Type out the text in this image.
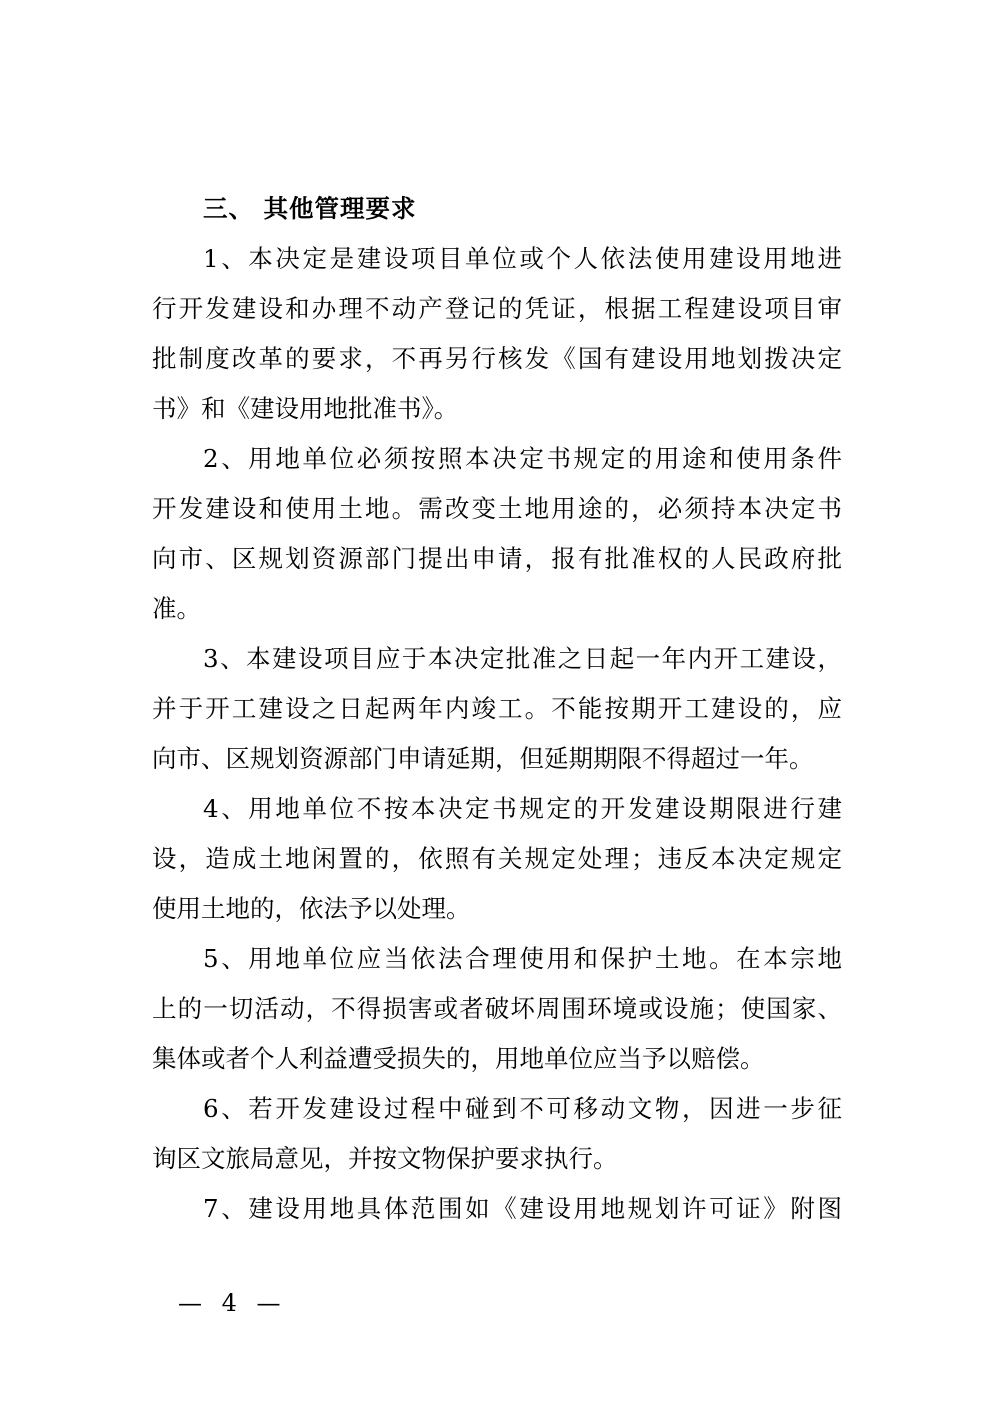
三、 其他管理要求

1、本决定是建设项目单位或个人依法使用建设用地进
行开发建设和办理不动产登记的凭证，根据工程建设项目审
批制度改革的要求，不再另行核发《国有建设用地划拨决定
书》和《建设用地批准书》。

2、用地单位必须按照本决定书规定的用途和使用条件
开发建设和使用土地。需改变土地用途的，必须持本决定书
向市、区规划资源部门提出申请，报有批准权的人民政府批
准。

3、本建设项目应于本决定批准之日起一年内开工建设，
并于开工建设之日起两年内竣工。不能按期开工建设的，应
向市、区规划资源部门申请延期，但延期期限不得超过一年。

4、用地单位不按本决定书规定的开发建设期限进行建
设，造成土地闲置的，依照有关规定处理；违反本决定规定
使用土地的，依法予以处理。

5、用地单位应当依法合理使用和保护土地。在本宗地
上的一切活动，不得损害或者破坏周围环境或设施；使国家、
集体或者个人利益遭受损失的，用地单位应当予以赔偿。

6、若开发建设过程中碰到不可移动文物，因进一步征
询区文旅局意见，并按文物保护要求执行。

7、建设用地具体范围如《建设用地规划许可证》附图

— 4 —
